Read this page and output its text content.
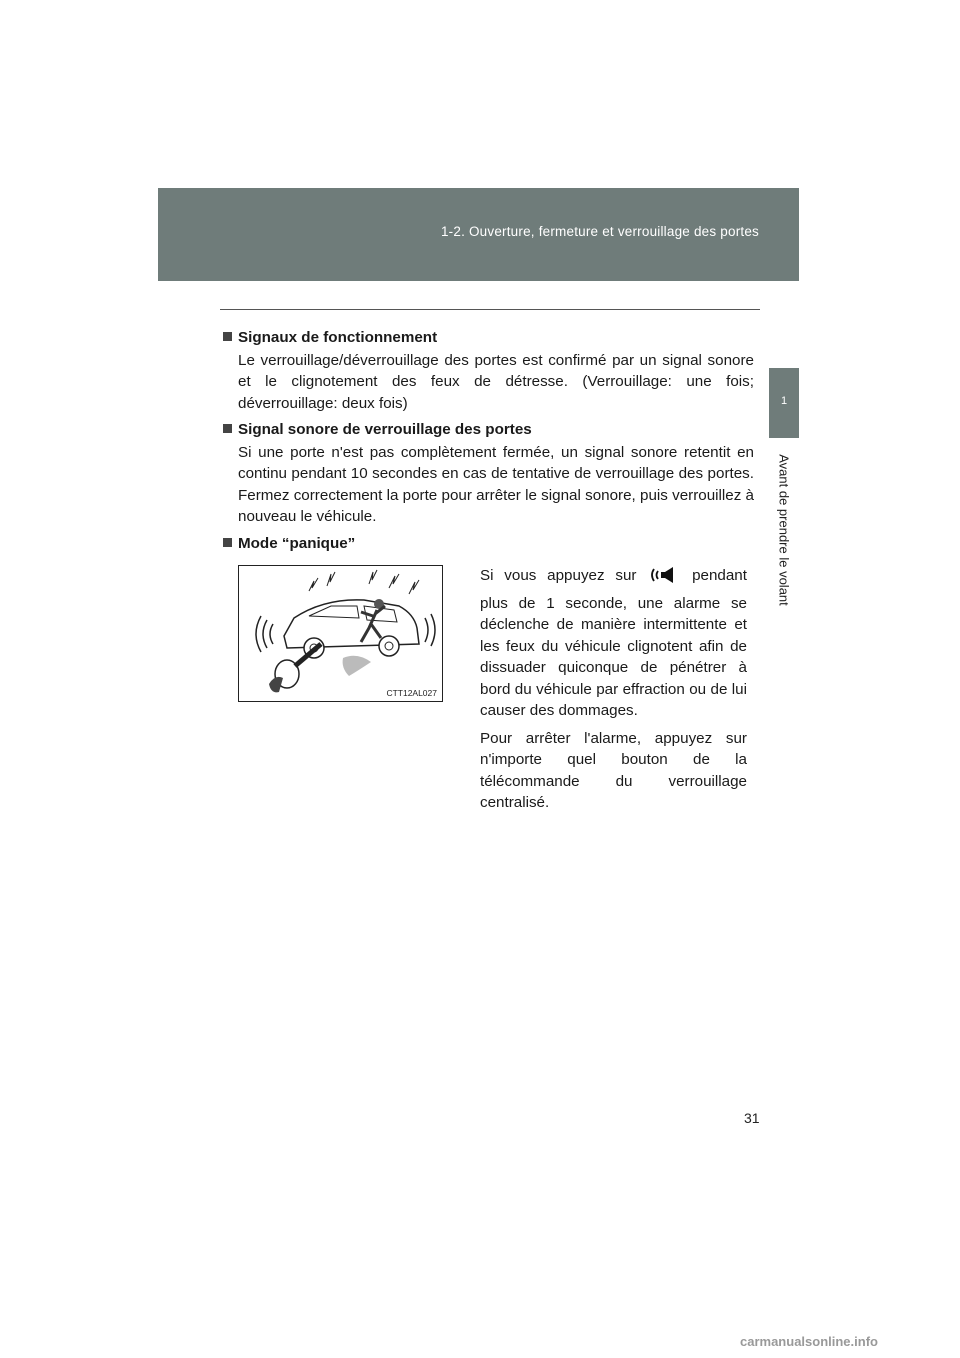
1-2. Ouverture, fermeture et verrouillage des portes
1
Avant de prendre le volant

Signaux de fonctionnement

Le verrouillage/déverrouillage des portes est confirmé par un signal sonore et le clignotement des feux de détresse. (Verrouillage: une fois; déverrouillage: deux fois)

Signal sonore de verrouillage des portes

Si une porte n'est pas complètement fermée, un signal sonore retentit en continu pendant 10 secondes en cas de tentative de verrouillage des portes. Fermez correctement la porte pour arrêter le signal sonore, puis verrouillez à nouveau le véhicule.

Mode “panique”

CTT12AL027

Si vous appuyez sur	pendant

plus de 1 seconde, une alarme se déclenche de manière intermittente et les feux du véhicule clignotent afin de dissuader quiconque de pénétrer à bord du véhicule par effraction ou de lui causer des dommages.

Pour arrêter l'alarme, appuyez sur n'importe quel bouton de la télécommande du verrouillage centralisé.

31
carmanualsonline.info
